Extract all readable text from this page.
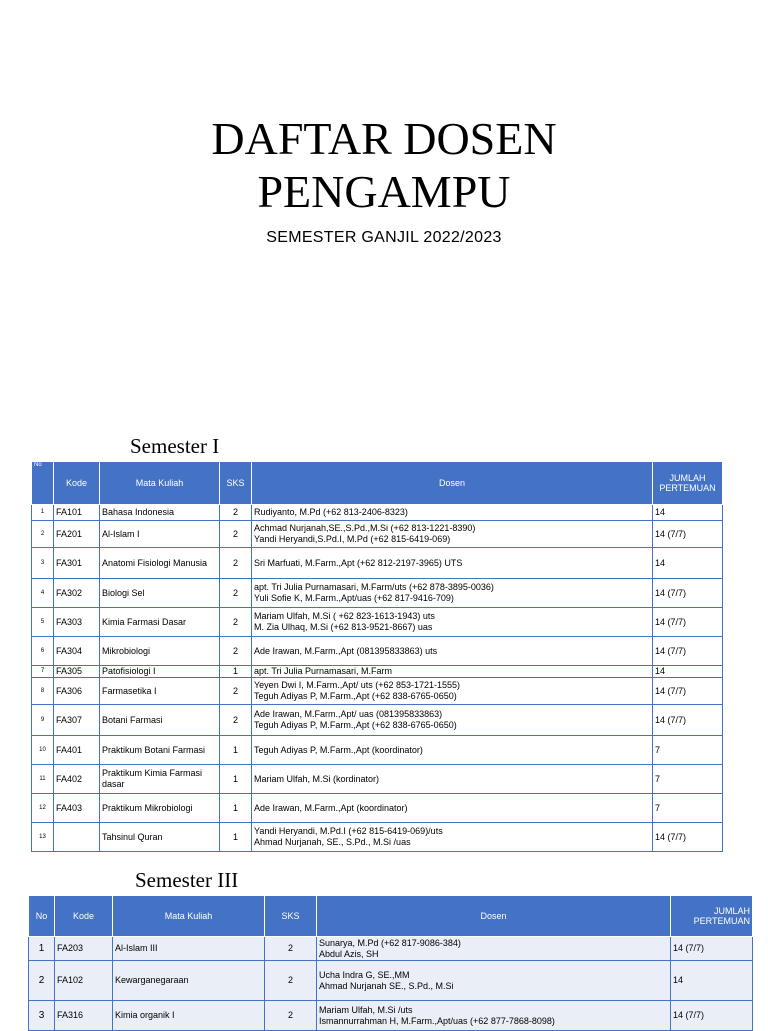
DAFTAR DOSEN
PENGAMPU
SEMESTER GANJIL 2022/2023
Semester I
No	Kode	Mata Kuliah	SKS	Dosen	JUMLAH PERTEMUAN
1	FA101	Bahasa Indonesia	2	Rudiyanto, M.Pd (+62 813-2406-8323)	14
2	FA201	Al-Islam I	2	Achmad Nurjanah,SE.,S.Pd.,M.Si (+62 813-1221-8390)
Yandi Heryandi,S.Pd.I, M.Pd (+62 815-6419-069)	14 (7/7)
3	FA301	Anatomi Fisiologi Manusia	2	Sri Marfuati, M.Farm.,Apt (+62 812-2197-3965) UTS	14
4	FA302	Biologi Sel	2	apt. Tri Julia Purnamasari, M.Farm/uts (+62 878-3895-0036)
Yuli Sofie K, M.Farm.,Apt/uas (+62 817-9416-709)	14 (7/7)
5	FA303	Kimia Farmasi Dasar	2	Mariam Ulfah, M.Si ( +62 823-1613-1943) uts
M. Zia Ulhaq, M.Si (+62 813-9521-8667) uas	14 (7/7)
6	FA304	Mikrobiologi	2	Ade Irawan, M.Farm.,Apt (081395833863) uts	14 (7/7)
7	FA305	Patofisiologi I	1	apt. Tri Julia Purnamasari, M.Farm	14
8	FA306	Farmasetika I	2	Yeyen Dwi I, M.Farm.,Apt/ uts (+62 853-1721-1555)
Teguh Adiyas P, M.Farm.,Apt (+62 838-6765-0650)	14 (7/7)
9	FA307	Botani Farmasi	2	Ade Irawan, M.Farm.,Apt/ uas (081395833863)
Teguh Adiyas P, M.Farm.,Apt (+62 838-6765-0650)	14 (7/7)
10	FA401	Praktikum Botani Farmasi	1	Teguh Adiyas P, M.Farm.,Apt (koordinator)	7
11	FA402	Praktikum Kimia Farmasi dasar	1	Mariam Ulfah, M.Si (kordinator)	7
12	FA403	Praktikum Mikrobiologi	1	Ade Irawan, M.Farm.,Apt (koordinator)	7
13		Tahsinul Quran	1	Yandi Heryandi, M.Pd.I (+62 815-6419-069)/uts
Ahmad Nurjanah, SE., S.Pd., M.Si /uas	14 (7/7)
Semester III
No	Kode	Mata Kuliah	SKS	Dosen	JUMLAH PERTEMUAN
1	FA203	Al-Islam III	2	Sunarya, M.Pd (+62 817-9086-384)
Abdul Azis, SH	14 (7/7)
2	FA102	Kewarganegaraan	2	Ucha Indra G, SE.,MM
Ahmad Nurjanah SE., S.Pd., M.Si	14
3	FA316	Kimia organik I	2	Mariam Ulfah, M.Si /uts
Ismannurrahman H, M.Farm.,Apt/uas (+62 877-7868-8098)	14 (7/7)
